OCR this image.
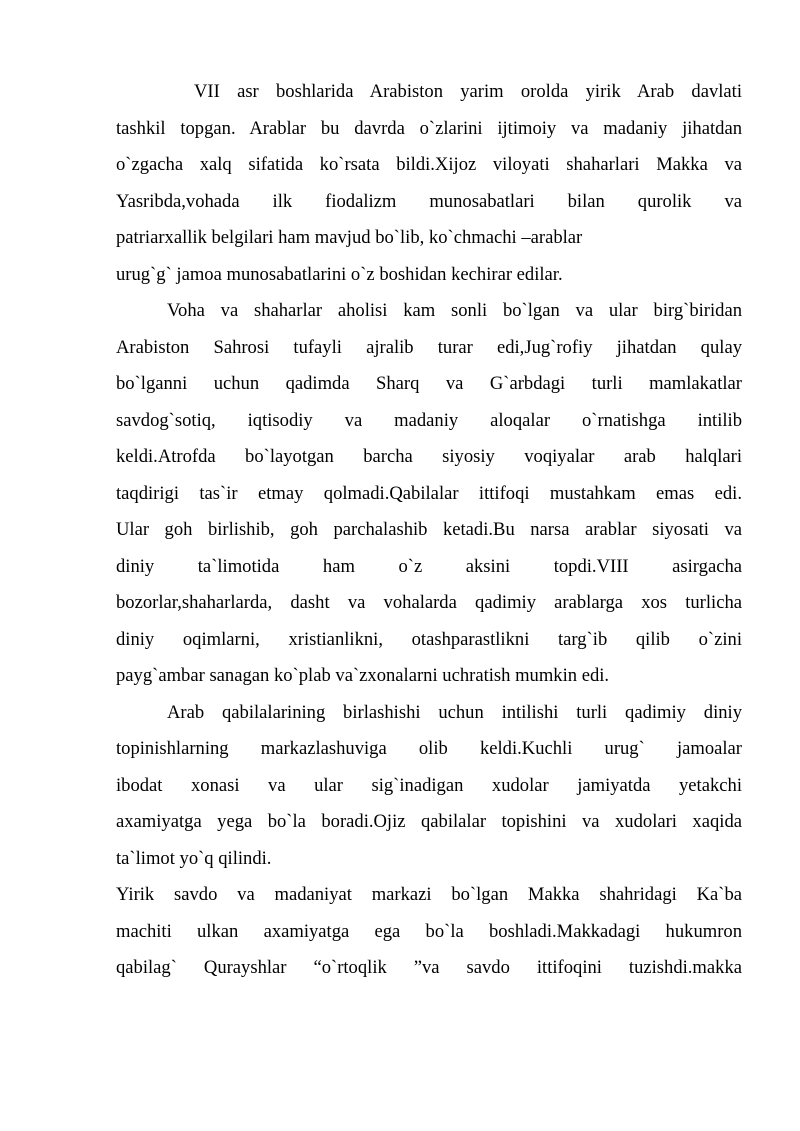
VII asr boshlarida Arabiston yarim orolda yirik Arab davlati
tashkil topgan. Arablar bu davrda o`zlarini ijtimoiy va madaniy jihatdan
o`zgacha xalq sifatida ko`rsata bildi.Xijoz viloyati shaharlari Makka va
Yasribda,vohada ilk fiodalizm munosabatlari bilan qurolik va
patriarxallik belgilari ham mavjud bo`lib, ko`chmachi –arablar
urug`g` jamoa munosabatlarini o`z boshidan kechirar edilar.
Voha va shaharlar aholisi kam sonli bo`lgan va ular birg`biridan
Arabiston Sahrosi tufayli ajralib turar edi,Jug`rofiy jihatdan qulay
bo`lganni uchun qadimda Sharq va G`arbdagi turli mamlakatlar
savdog`sotiq, iqtisodiy va madaniy aloqalar o`rnatishga intilib
keldi.Atrofda bo`layotgan barcha siyosiy voqiyalar arab halqlari
taqdirigi tas`ir etmay qolmadi.Qabilalar ittifoqi mustahkam emas edi.
Ular goh birlishib, goh parchalashib ketadi.Bu narsa arablar siyosati va
diniy ta`limotida ham o`z aksini topdi.VIII asirgacha
bozorlar,shaharlarda, dasht va vohalarda qadimiy arablarga xos turlicha
diniy oqimlarni, xristianlikni, otashparastlikni targ`ib qilib o`zini
payg`ambar sanagan ko`plab va`zxonalarni uchratish mumkin edi.
Arab qabilalarining birlashishi uchun intilishi turli qadimiy diniy
topinishlarning markazlashuviga olib keldi.Kuchli urug` jamoalar
ibodat xonasi va ular sig`inadigan xudolar jamiyatda yetakchi
axamiyatga yega bo`la boradi.Ojiz qabilalar topishini va xudolari xaqida
ta`limot yo`q qilindi.
Yirik savdo va madaniyat markazi bo`lgan Makka shahridagi Ka`ba
machiti ulkan axamiyatga ega bo`la boshladi.Makkadagi hukumron
qabilag` Qurayshlar “o`rtoqlik ”va savdo ittifoqini tuzishdi.makka
